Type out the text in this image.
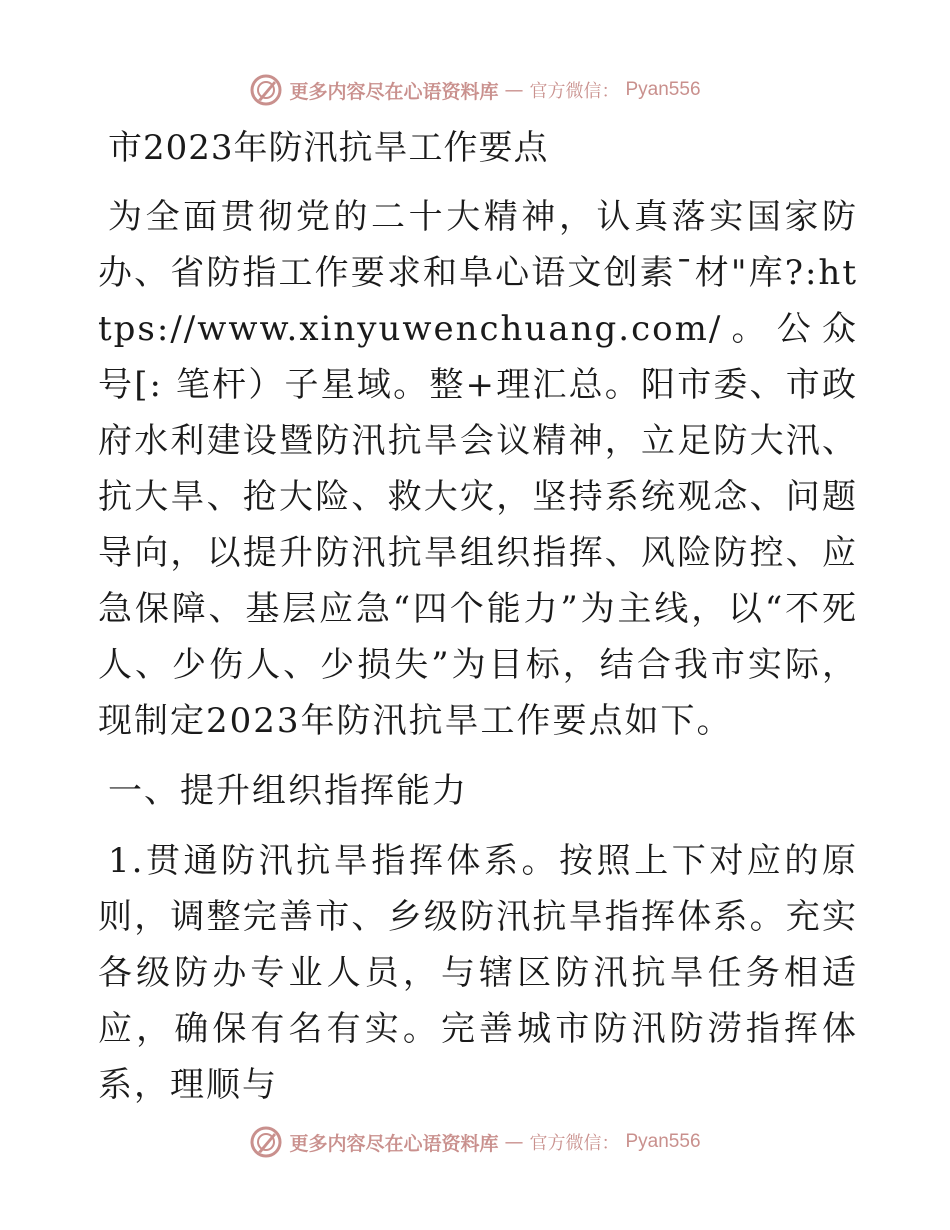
更多内容尽在心语资料库 — 官方微信： Pyan556
市2023年防汛抗旱工作要点

为全面贯彻党的二十大精神，认真落实国家防办、省防指工作要求和阜心语文创素¯材"库?:https://www.xinyuwenchuang.com/。公众号[: 笔杆）子星域。整+理汇总。阳市委、市政府水利建设暨防汛抗旱会议精神，立足防大汛、抗大旱、抢大险、救大灾，坚持系统观念、问题导向，以提升防汛抗旱组织指挥、风险防控、应急保障、基层应急“四个能力”为主线，以“不死人、少伤人、少损失”为目标，结合我市实际，现制定2023年防汛抗旱工作要点如下。

一、提升组织指挥能力

1.贯通防汛抗旱指挥体系。按照上下对应的原则，调整完善市、乡级防汛抗旱指挥体系。充实各级防办专业人员，与辖区防汛抗旱任务相适应，确保有名有实。完善城市防汛防涝指挥体系，理顺与

更多内容尽在心语资料库 — 官方微信： Pyan556
